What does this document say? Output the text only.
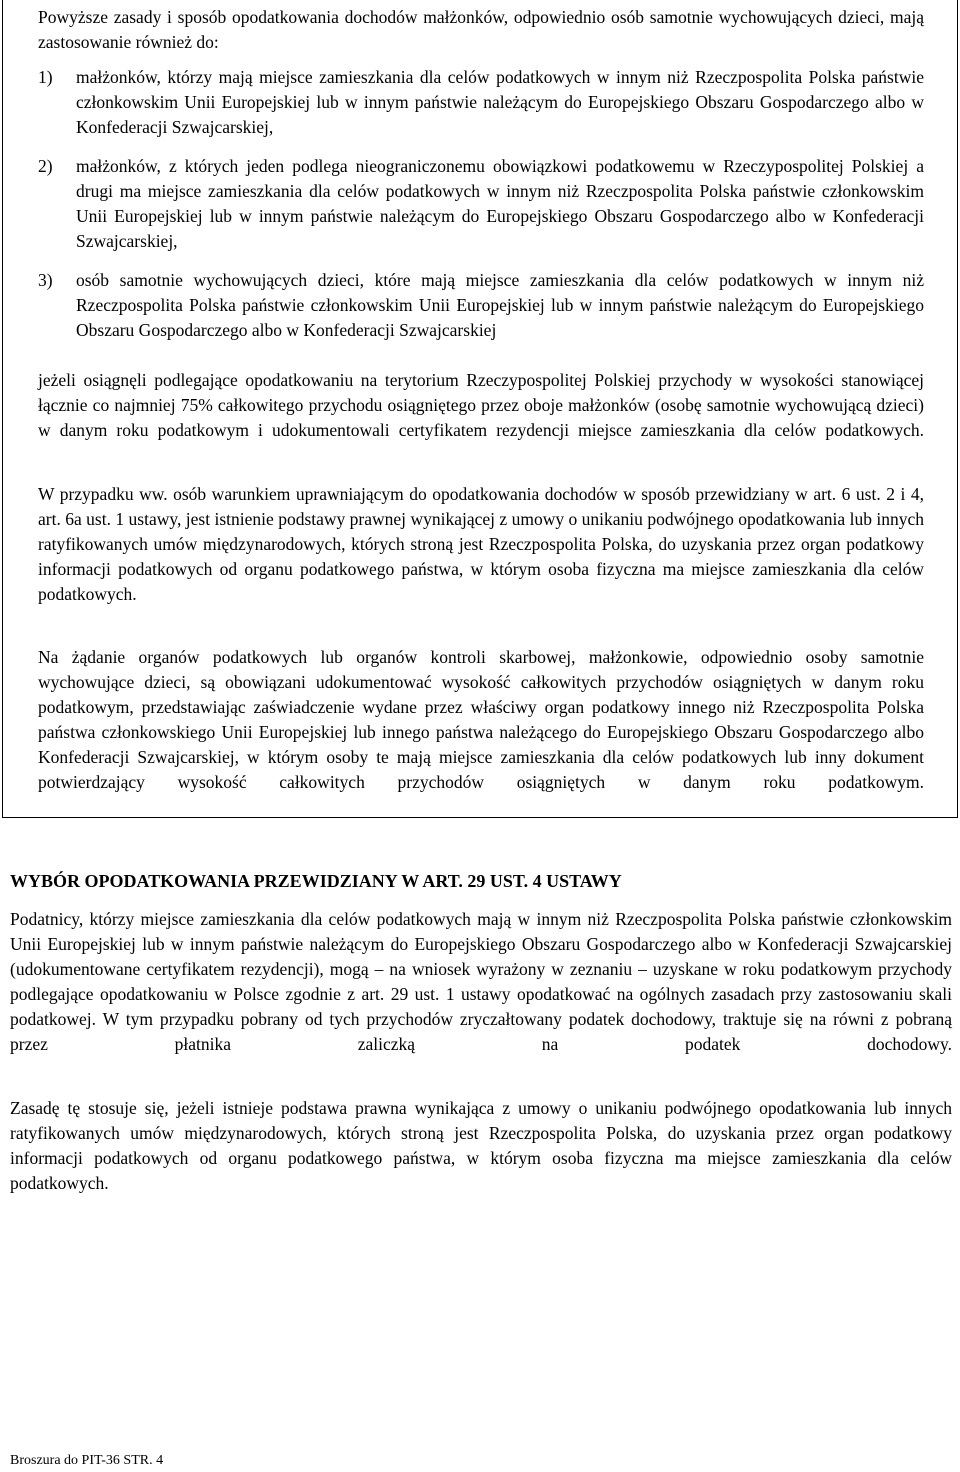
Powyższe zasady i sposób opodatkowania dochodów małżonków, odpowiednio osób samotnie wychowujących dzieci, mają zastosowanie również do:

1) małżonków, którzy mają miejsce zamieszkania dla celów podatkowych w innym niż Rzeczpospolita Polska państwie członkowskim Unii Europejskiej lub w innym państwie należącym do Europejskiego Obszaru Gospodarczego albo w Konfederacji Szwajcarskiej,

2) małżonków, z których jeden podlega nieograniczonemu obowiązkowi podatkowemu w Rzeczypospolitej Polskiej a drugi ma miejsce zamieszkania dla celów podatkowych w innym niż Rzeczpospolita Polska państwie członkowskim Unii Europejskiej lub w innym państwie należącym do Europejskiego Obszaru Gospodarczego albo w Konfederacji Szwajcarskiej,

3) osób samotnie wychowujących dzieci, które mają miejsce zamieszkania dla celów podatkowych w innym niż Rzeczpospolita Polska państwie członkowskim Unii Europejskiej lub w innym państwie należącym do Europejskiego Obszaru Gospodarczego albo w Konfederacji Szwajcarskiej

jeżeli osiągnęli podlegające opodatkowaniu na terytorium Rzeczypospolitej Polskiej przychody w wysokości stanowiącej łącznie co najmniej 75% całkowitego przychodu osiągniętego przez oboje małżonków (osobę samotnie wychowującą dzieci) w danym roku podatkowym i udokumentowali certyfikatem rezydencji miejsce zamieszkania dla celów podatkowych.

W przypadku ww. osób warunkiem uprawniającym do opodatkowania dochodów w sposób przewidziany w art. 6 ust. 2 i 4, art. 6a ust. 1 ustawy, jest istnienie podstawy prawnej wynikającej z umowy o unikaniu podwójnego opodatkowania lub innych ratyfikowanych umów międzynarodowych, których stroną jest Rzeczpospolita Polska, do uzyskania przez organ podatkowy informacji podatkowych od organu podatkowego państwa, w którym osoba fizyczna ma miejsce zamieszkania dla celów podatkowych.

Na żądanie organów podatkowych lub organów kontroli skarbowej, małżonkowie, odpowiednio osoby samotnie wychowujące dzieci, są obowiązani udokumentować wysokość całkowitych przychodów osiągniętych w danym roku podatkowym, przedstawiając zaświadczenie wydane przez właściwy organ podatkowy innego niż Rzeczpospolita Polska państwa członkowskiego Unii Europejskiej lub innego państwa należącego do Europejskiego Obszaru Gospodarczego albo Konfederacji Szwajcarskiej, w którym osoby te mają miejsce zamieszkania dla celów podatkowych lub inny dokument potwierdzający wysokość całkowitych przychodów osiągniętych w danym roku podatkowym.

WYBÓR OPODATKOWANIA PRZEWIDZIANY W ART. 29 UST. 4 USTAWY

Podatnicy, którzy miejsce zamieszkania dla celów podatkowych mają w innym niż Rzeczpospolita Polska państwie członkowskim Unii Europejskiej lub w innym państwie należącym do Europejskiego Obszaru Gospodarczego albo w Konfederacji Szwajcarskiej (udokumentowane certyfikatem rezydencji), mogą – na wniosek wyrażony w zeznaniu – uzyskane w roku podatkowym przychody podlegające opodatkowaniu w Polsce zgodnie z art. 29 ust. 1 ustawy opodatkować na ogólnych zasadach przy zastosowaniu skali podatkowej. W tym przypadku pobrany od tych przychodów zryczałtowany podatek dochodowy, traktuje się na równi z pobraną przez płatnika zaliczką na podatek dochodowy.

Zasadę tę stosuje się, jeżeli istnieje podstawa prawna wynikająca z umowy o unikaniu podwójnego opodatkowania lub innych ratyfikowanych umów międzynarodowych, których stroną jest Rzeczpospolita Polska, do uzyskania przez organ podatkowy informacji podatkowych od organu podatkowego państwa, w którym osoba fizyczna ma miejsce zamieszkania dla celów podatkowych.

Broszura do PIT-36 STR. 4
